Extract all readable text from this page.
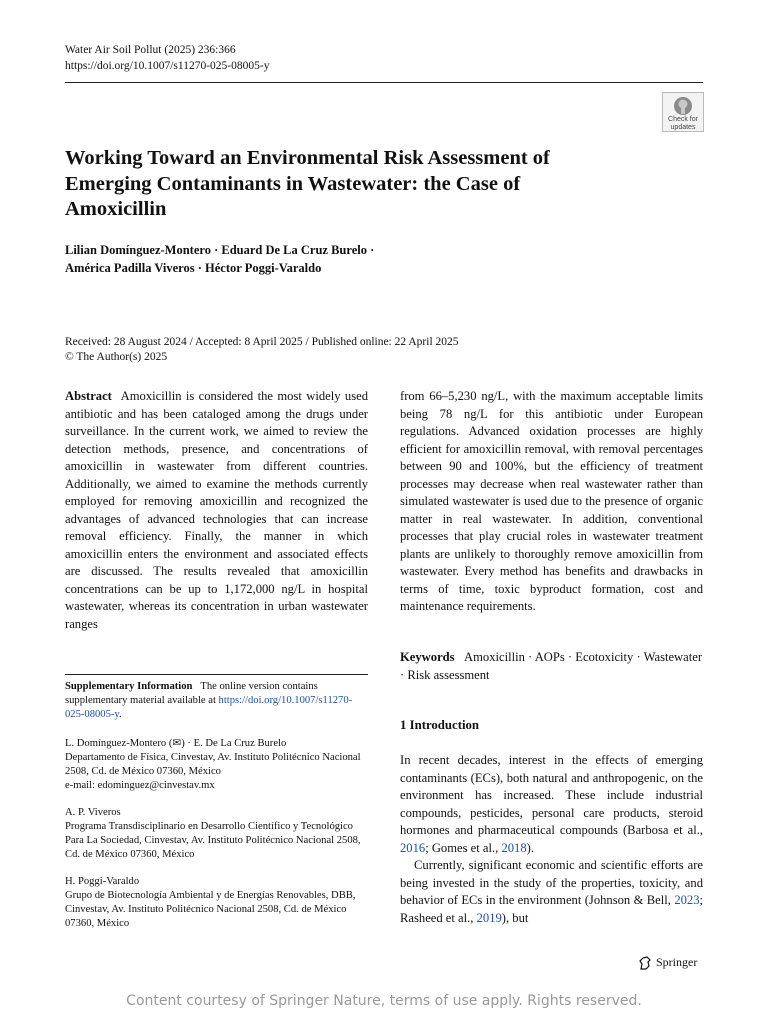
Water Air Soil Pollut (2025) 236:366
https://doi.org/10.1007/s11270-025-08005-y
Check for
updates
Working Toward an Environmental Risk Assessment of Emerging Contaminants in Wastewater: the Case of Amoxicillin
Lilian Domínguez-Montero · Eduard De La Cruz Burelo ·
América Padilla Viveros · Héctor Poggi-Varaldo
Received: 28 August 2024 / Accepted: 8 April 2025 / Published online: 22 April 2025
© The Author(s) 2025
Abstract Amoxicillin is considered the most widely used antibiotic and has been cataloged among the drugs under surveillance. In the current work, we aimed to review the detection methods, presence, and concentrations of amoxicillin in wastewater from different countries. Additionally, we aimed to examine the methods currently employed for removing amoxicillin and recognized the advantages of advanced technologies that can increase removal efficiency. Finally, the manner in which amoxicillin enters the environment and associated effects are discussed. The results revealed that amoxicillin concentrations can be up to 1,172,000 ng/L in hospital wastewater, whereas its concentration in urban wastewater ranges
from 66–5,230 ng/L, with the maximum acceptable limits being 78 ng/L for this antibiotic under European regulations. Advanced oxidation processes are highly efficient for amoxicillin removal, with removal percentages between 90 and 100%, but the efficiency of treatment processes may decrease when real wastewater rather than simulated wastewater is used due to the presence of organic matter in real wastewater. In addition, conventional processes that play crucial roles in wastewater treatment plants are unlikely to thoroughly remove amoxicillin from wastewater. Every method has benefits and drawbacks in terms of time, toxic byproduct formation, cost and maintenance requirements.
Keywords Amoxicillin · AOPs · Ecotoxicity · Wastewater · Risk assessment
1 Introduction

In recent decades, interest in the effects of emerging contaminants (ECs), both natural and anthropogenic, on the environment has increased. These include industrial compounds, pesticides, personal care products, steroid hormones and pharmaceutical compounds (Barbosa et al., 2016; Gomes et al., 2018).

Currently, significant economic and scientific efforts are being invested in the study of the properties, toxicity, and behavior of ECs in the environment (Johnson & Bell, 2023; Rasheed et al., 2019), but

Supplementary Information The online version contains supplementary material available at https://doi.org/10.1007/s11270-025-08005-y.
L. Domínguez-Montero (✉) · E. De La Cruz Burelo
Departamento de Física, Cinvestav, Av. Instituto Politécnico Nacional 2508, Cd. de México 07360, México
e-mail: edominguez@cinvestav.mx
A. P. Viveros
Programa Transdisciplinario en Desarrollo Científico y Tecnológico Para La Sociedad, Cinvestav, Av. Instituto Politécnico Nacional 2508, Cd. de México 07360, México
H. Poggi-Varaldo
Grupo de Biotecnología Ambiental y de Energías Renovables, DBB, Cinvestav, Av. Instituto Politécnico Nacional 2508, Cd. de México 07360, México
Springer
Content courtesy of Springer Nature, terms of use apply. Rights reserved.
